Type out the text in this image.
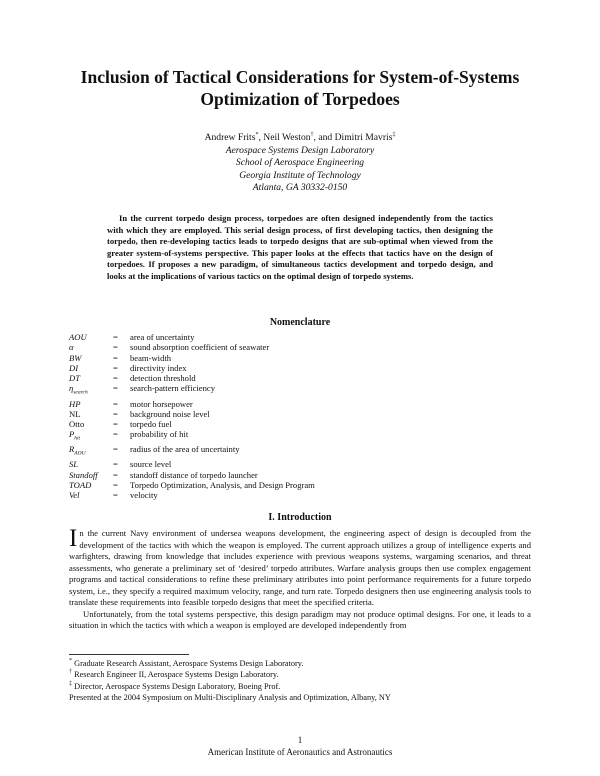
Inclusion of Tactical Considerations for System-of-Systems
Optimization of Torpedoes
Andrew Frits*, Neil Weston†, and Dimitri Mavris‡
Aerospace Systems Design Laboratory
School of Aerospace Engineering
Georgia Institute of Technology
Atlanta, GA 30332-0150

In the current torpedo design process, torpedoes are often designed independently from the tactics with which they are employed. This serial design process, of first developing tactics, then designing the torpedo, then re-developing tactics leads to torpedo designs that are sub-optimal when viewed from the greater system-of-systems perspective. This paper looks at the effects that tactics have on the design of torpedoes. If proposes a new paradigm, of simultaneous tactics development and torpedo design, and looks at the implications of various tactics on the optimal design of torpedo systems.

Nomenclature
AOU	=	area of uncertainty
α	=	sound absorption coefficient of seawater
BW	=	beam-width
DI	=	directivity index
DT	=	detection threshold
$\eta_{search}$	=	search-pattern efficiency
HP	=	motor horsepower
NL	=	background noise level
Otto	=	torpedo fuel
$P_{hit}$	=	probability of hit
$R_{AOU}$	=	radius of the area of uncertainty
SL	=	source level
Standoff	=	standoff distance of torpedo launcher
TOAD	=	Torpedo Optimization, Analysis, and Design Program
Vel	=	velocity
I. Introduction

In the current Navy environment of undersea weapons development, the engineering aspect of design is decoupled from the development of the tactics with which the weapon is employed. The current approach utilizes a group of intelligence experts and warfighters, drawing from knowledge that includes experience with previous weapons systems, wargaming scenarios, and threat assessments, who generate a preliminary set of ‘desired’ torpedo attributes. Warfare analysis groups then use complex engagement programs and tactical considerations to refine these preliminary attributes into point performance requirements for a future torpedo system, i.e., they specify a required maximum velocity, range, and turn rate. Torpedo designers then use engineering analysis tools to translate these requirements into feasible torpedo designs that meet the specified criteria.

Unfortunately, from the total systems perspective, this design paradigm may not produce optimal designs. For one, it leads to a situation in which the tactics with which a weapon is employed are developed independently from

* Graduate Research Assistant, Aerospace Systems Design Laboratory.
† Research Engineer II, Aerospace Systems Design Laboratory.
‡ Director, Aerospace Systems Design Laboratory, Boeing Prof.
Presented at the 2004 Symposium on Multi-Disciplinary Analysis and Optimization, Albany, NY
1
American Institute of Aeronautics and Astronautics
